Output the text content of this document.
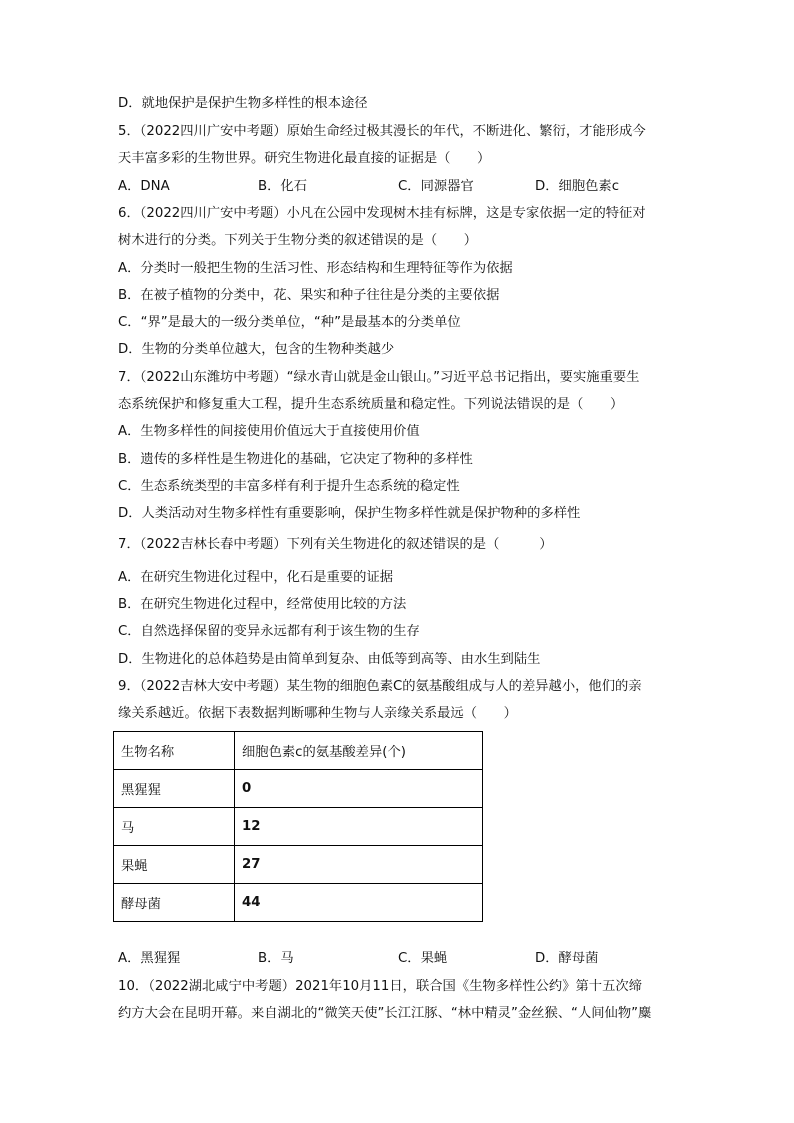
D．就地保护是保护生物多样性的根本途径
5．（2022四川广安中考题）原始生命经过极其漫长的年代，不断进化、繁衍，才能形成今
天丰富多彩的生物世界。研究生物进化最直接的证据是（　　）
A．DNA	B．化石	C．同源器官	D．细胞色素c
6．（2022四川广安中考题）小凡在公园中发现树木挂有标牌，这是专家依据一定的特征对
树木进行的分类。下列关于生物分类的叙述错误的是（　　）
A．分类时一般把生物的生活习性、形态结构和生理特征等作为依据
B．在被子植物的分类中，花、果实和种子往往是分类的主要依据
C．“界”是最大的一级分类单位，“种”是最基本的分类单位
D．生物的分类单位越大，包含的生物种类越少
7．（2022山东潍坊中考题）“绿水青山就是金山银山。”习近平总书记指出，要实施重要生
态系统保护和修复重大工程，提升生态系统质量和稳定性。下列说法错误的是（　　）
A．生物多样性的间接使用价值远大于直接使用价值
B．遗传的多样性是生物进化的基础，它决定了物种的多样性
C．生态系统类型的丰富多样有利于提升生态系统的稳定性
D．人类活动对生物多样性有重要影响，保护生物多样性就是保护物种的多样性
7．（2022吉林长春中考题）下列有关生物进化的叙述错误的是（　　　）
A．在研究生物进化过程中，化石是重要的证据
B．在研究生物进化过程中，经常使用比较的方法
C．自然选择保留的变异永远都有利于该生物的生存
D．生物进化的总体趋势是由简单到复杂、由低等到高等、由水生到陆生
9．（2022吉林大安中考题）某生物的细胞色素C的氨基酸组成与人的差异越小，他们的亲
缘关系越近。依据下表数据判断哪种生物与人亲缘关系最远（　　）
生物名称	细胞色素c的氨基酸差异(个)
黑猩猩	0
马	12
果蝇	27
酵母菌	44
A．黑猩猩	B．马	C．果蝇	D．酵母菌
10．（2022湖北咸宁中考题）2021年10月11日，联合国《生物多样性公约》第十五次缔
约方大会在昆明开幕。来自湖北的“微笑天使”长江江豚、“林中精灵”金丝猴、“人间仙物”麋
